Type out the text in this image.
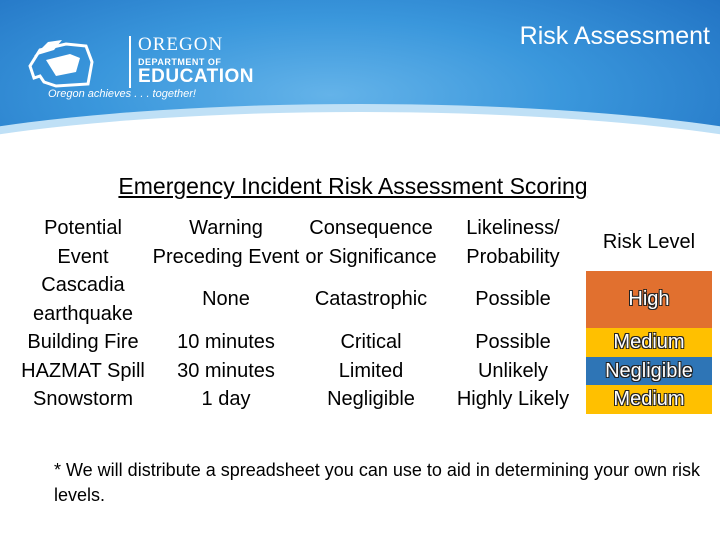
OREGON
DEPARTMENT OF
EDUCATION
Oregon achieves . . . together!
Risk Assessment
Emergency Incident Risk Assessment Scoring
Potential Event	Warning Preceding Event	Consequence or Significance	Likeliness/ Probability	Risk Level
Cascadia earthquake	None	Catastrophic	Possible	High
Building Fire	10 minutes	Critical	Possible	Medium
HAZMAT Spill	30 minutes	Limited	Unlikely	Negligible
Snowstorm	1 day	Negligible	Highly Likely	Medium
* We will distribute a spreadsheet you can use to aid in determining your own risk levels.
